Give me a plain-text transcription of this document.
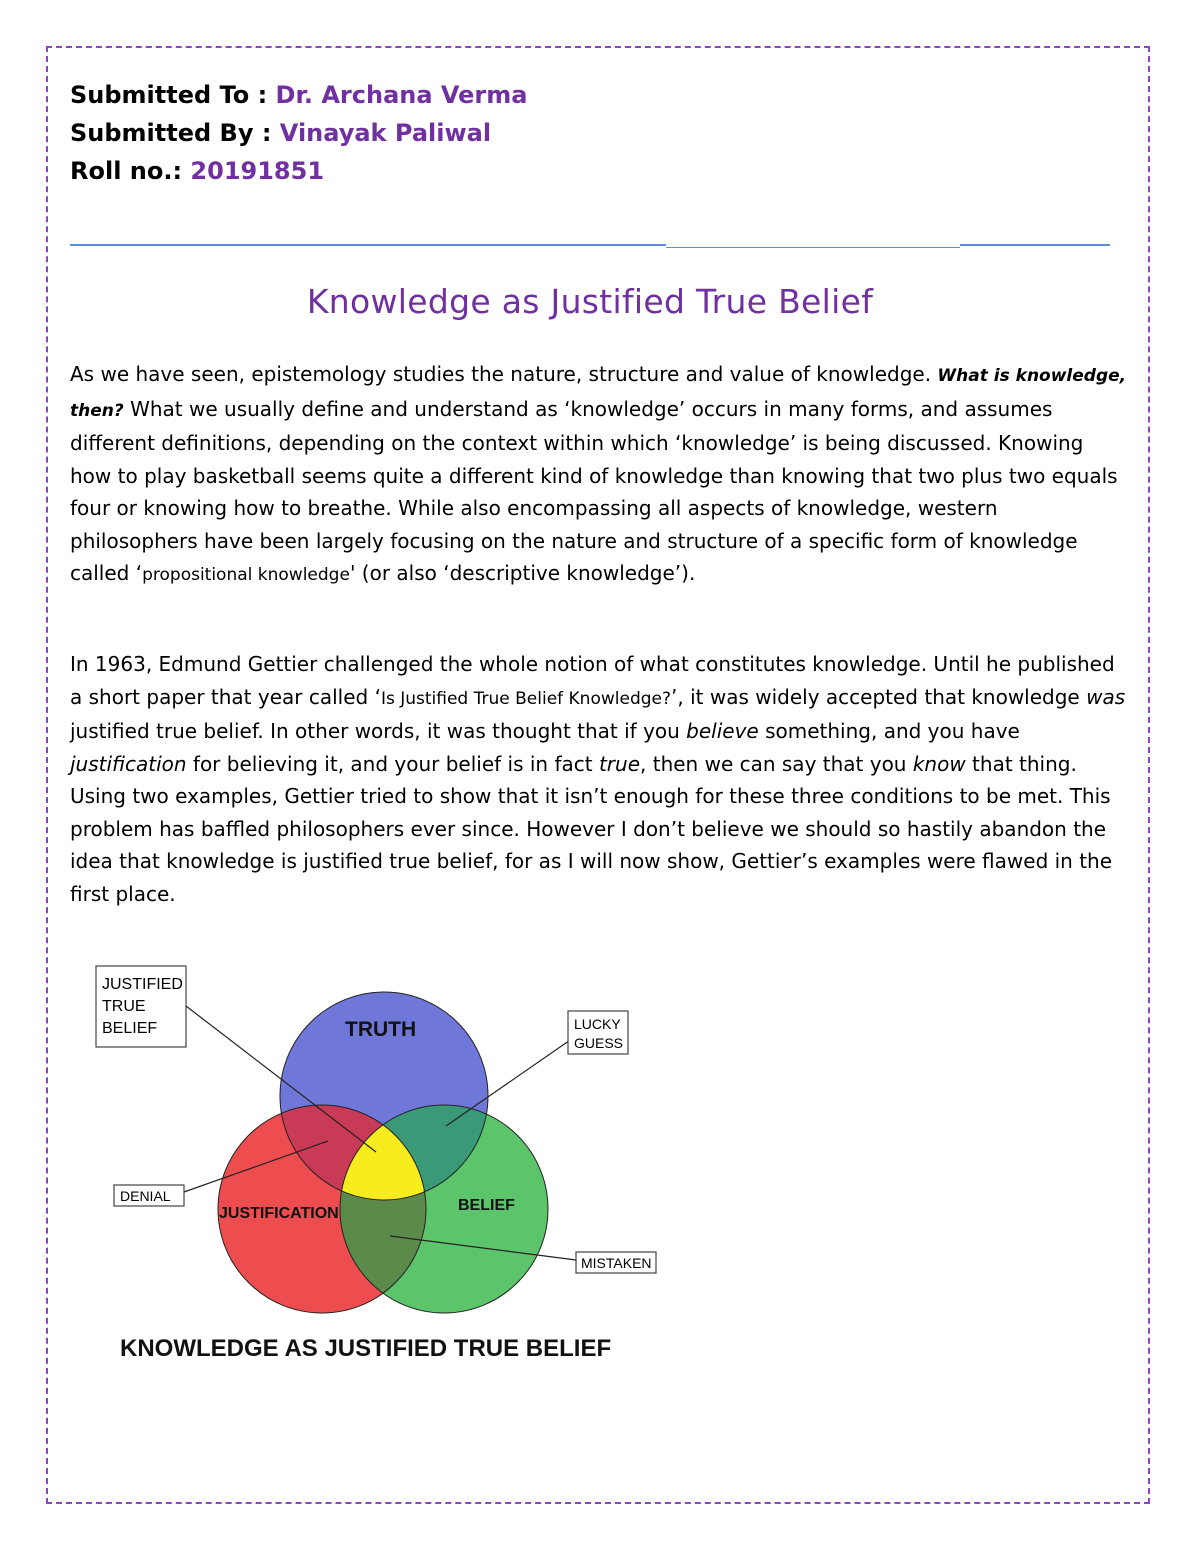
Submitted To : Dr. Archana Verma
Submitted By : Vinayak Paliwal
Roll no.: 20191851
Knowledge as Justified True Belief

As we have seen, epistemology studies the nature, structure and value of knowledge. What is knowledge, then? What we usually define and understand as ‘knowledge’ occurs in many forms, and assumes different definitions, depending on the context within which ‘knowledge’ is being discussed. Knowing how to play basketball seems quite a different kind of knowledge than knowing that two plus two equals four or knowing how to breathe. While also encompassing all aspects of knowledge, western philosophers have been largely focusing on the nature and structure of a specific form of knowledge called ‘propositional knowledge' (or also ‘descriptive knowledge’).

In 1963, Edmund Gettier challenged the whole notion of what constitutes knowledge. Until he published a short paper that year called ‘Is Justified True Belief Knowledge?’, it was widely accepted that knowledge was justified true belief. In other words, it was thought that if you believe something, and you have justification for believing it, and your belief is in fact true, then we can say that you know that thing. Using two examples, Gettier tried to show that it isn’t enough for these three conditions to be met. This problem has baffled philosophers ever since. However I don’t believe we should so hastily abandon the idea that knowledge is justified true belief, for as I will now show, Gettier’s examples were flawed in the first place.

JUSTIFIED
TRUE
BELIEF	LUCKY
GUESS
DENIAL
MISTAKEN
TRUTH
JUSTIFICATION	BELIEF
KNOWLEDGE AS JUSTIFIED TRUE BELIEF
